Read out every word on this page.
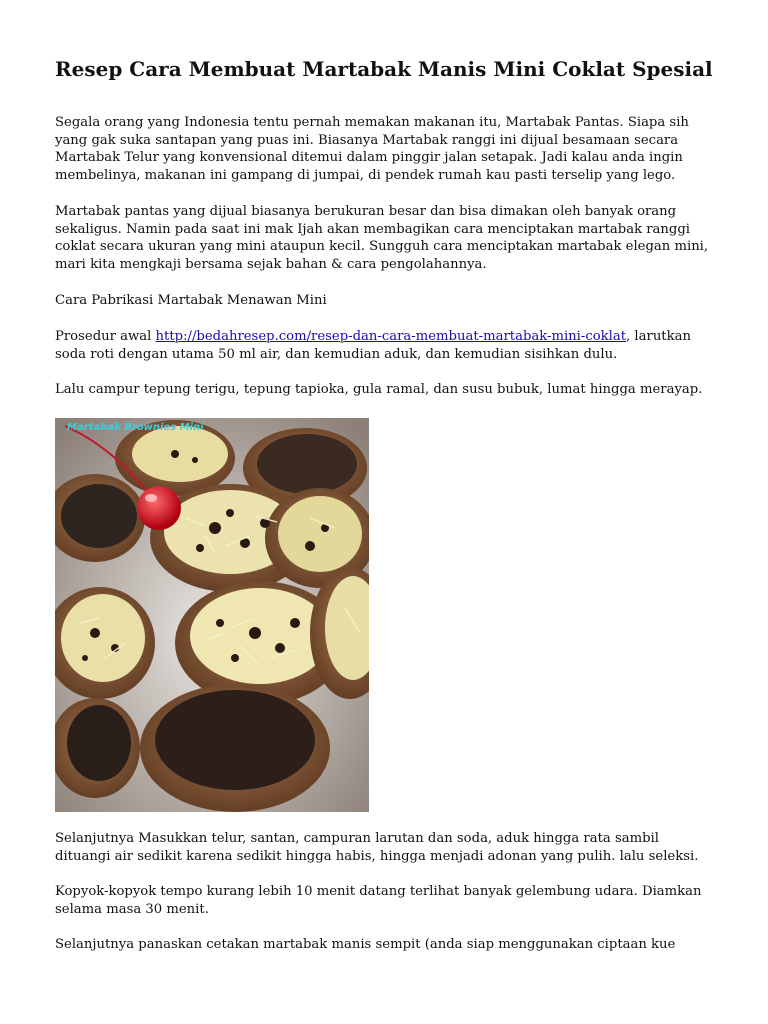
Resep Cara Membuat Martabak Manis Mini Coklat Spesial

Segala orang yang Indonesia tentu pernah memakan makanan itu, Martabak Pantas. Siapa sih yang gak suka santapan yang puas ini. Biasanya Martabak ranggi ini dijual besamaan secara Martabak Telur yang konvensional ditemui dalam pinggir jalan setapak. Jadi kalau anda ingin membelinya, makanan ini gampang di jumpai, di pendek rumah kau pasti terselip yang lego.

Martabak pantas yang dijual biasanya berukuran besar dan bisa dimakan oleh banyak orang sekaligus. Namin pada saat ini mak Ijah akan membagikan cara menciptakan martabak ranggi coklat secara ukuran yang mini ataupun kecil. Sungguh cara menciptakan martabak elegan mini, mari kita mengkaji bersama sejak bahan & cara pengolahannya.

Cara Pabrikasi Martabak Menawan Mini

Prosedur awal http://bedahresep.com/resep-dan-cara-membuat-martabak-mini-coklat, larutkan soda roti dengan utama 50 ml air, dan kemudian aduk, dan kemudian sisihkan dulu.

Lalu campur tepung terigu, tepung tapioka, gula ramal, dan susu bubuk, lumat hingga merayap.

Martabak Brownies Mini

Selanjutnya Masukkan telur, santan, campuran larutan dan soda, aduk hingga rata sambil dituangi air sedikit karena sedikit hingga habis, hingga menjadi adonan yang pulih. lalu seleksi.

Kopyok-kopyok tempo kurang lebih 10 menit datang terlihat banyak gelembung udara. Diamkan selama masa 30 menit.

Selanjutnya panaskan cetakan martabak manis sempit (anda siap menggunakan ciptaan kue
